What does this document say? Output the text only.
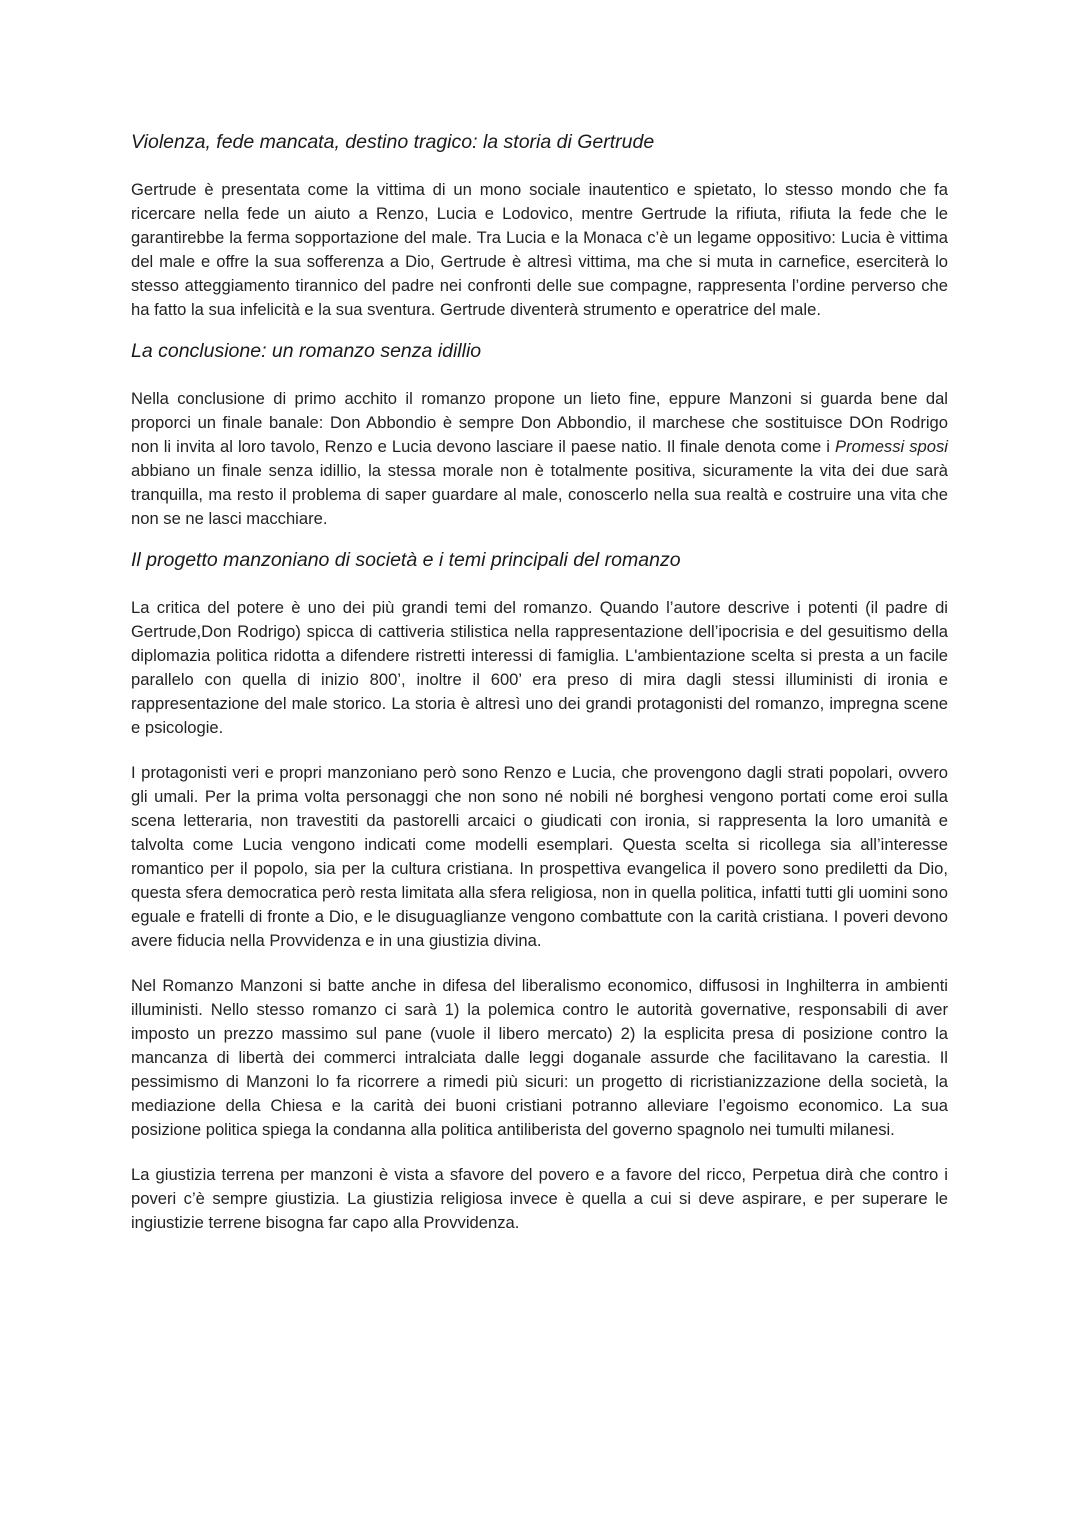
Violenza, fede mancata, destino tragico: la storia di Gertrude

Gertrude è presentata come la vittima di un mono sociale inautentico e spietato, lo stesso mondo che fa ricercare nella fede un aiuto a Renzo, Lucia e Lodovico, mentre Gertrude la rifiuta, rifiuta la fede che le garantirebbe la ferma sopportazione del male. Tra Lucia e la Monaca c’è un legame oppositivo: Lucia è vittima del male e offre la sua sofferenza a Dio, Gertrude è altresì vittima, ma che si muta in carnefice, eserciterà lo stesso atteggiamento tirannico del padre nei confronti delle sue compagne, rappresenta l’ordine perverso che ha fatto la sua infelicità e la sua sventura. Gertrude diventerà strumento e operatrice del male.

La conclusione: un romanzo senza idillio

Nella conclusione di primo acchito il romanzo propone un lieto fine, eppure Manzoni si guarda bene dal proporci un finale banale: Don Abbondio è sempre Don Abbondio, il marchese che sostituisce DOn Rodrigo non li invita al loro tavolo, Renzo e Lucia devono lasciare il paese natio. Il finale denota come i Promessi sposi abbiano un finale senza idillio, la stessa morale non è totalmente positiva, sicuramente la vita dei due sarà tranquilla, ma resto il problema di saper guardare al male, conoscerlo nella sua realtà e costruire una vita che non se ne lasci macchiare.

Il progetto manzoniano di società e i temi principali del romanzo

La critica del potere è uno dei più grandi temi del romanzo. Quando l’autore descrive i potenti (il padre di Gertrude,Don Rodrigo) spicca di cattiveria stilistica nella rappresentazione dell’ipocrisia e del gesuitismo della diplomazia politica ridotta a difendere ristretti interessi di famiglia. L'ambientazione scelta si presta a un facile parallelo con quella di inizio 800’, inoltre il 600’ era preso di mira dagli stessi illuministi di ironia e rappresentazione del male storico. La storia è altresì uno dei grandi protagonisti del romanzo, impregna scene e psicologie.

I protagonisti veri e propri manzoniano però sono Renzo e Lucia, che provengono dagli strati popolari, ovvero gli umali. Per la prima volta personaggi che non sono né nobili né borghesi vengono portati come eroi sulla scena letteraria, non travestiti da pastorelli arcaici o giudicati con ironia, si rappresenta la loro umanità e talvolta come Lucia vengono indicati come modelli esemplari. Questa scelta si ricollega sia all’interesse romantico per il popolo, sia per la cultura cristiana. In prospettiva evangelica il povero sono prediletti da Dio, questa sfera democratica però resta limitata alla sfera religiosa, non in quella politica, infatti tutti gli uomini sono eguale e fratelli di fronte a Dio, e le disuguaglianze vengono combattute con la carità cristiana. I poveri devono avere fiducia nella Provvidenza e in una giustizia divina.

Nel Romanzo Manzoni si batte anche in difesa del liberalismo economico, diffusosi in Inghilterra in ambienti illuministi. Nello stesso romanzo ci sarà 1) la polemica contro le autorità governative, responsabili di aver imposto un prezzo massimo sul pane (vuole il libero mercato) 2) la esplicita presa di posizione contro la mancanza di libertà dei commerci intralciata dalle leggi doganale assurde che facilitavano la carestia. Il pessimismo di Manzoni lo fa ricorrere a rimedi più sicuri: un progetto di ricristianizzazione della società, la mediazione della Chiesa e la carità dei buoni cristiani potranno alleviare l’egoismo economico. La sua posizione politica spiega la condanna alla politica antiliberista del governo spagnolo nei tumulti milanesi.

La giustizia terrena per manzoni è vista a sfavore del povero e a favore del ricco, Perpetua dirà che contro i poveri c’è sempre giustizia. La giustizia religiosa invece è quella a cui si deve aspirare, e per superare le ingiustizie terrene bisogna far capo alla Provvidenza.
